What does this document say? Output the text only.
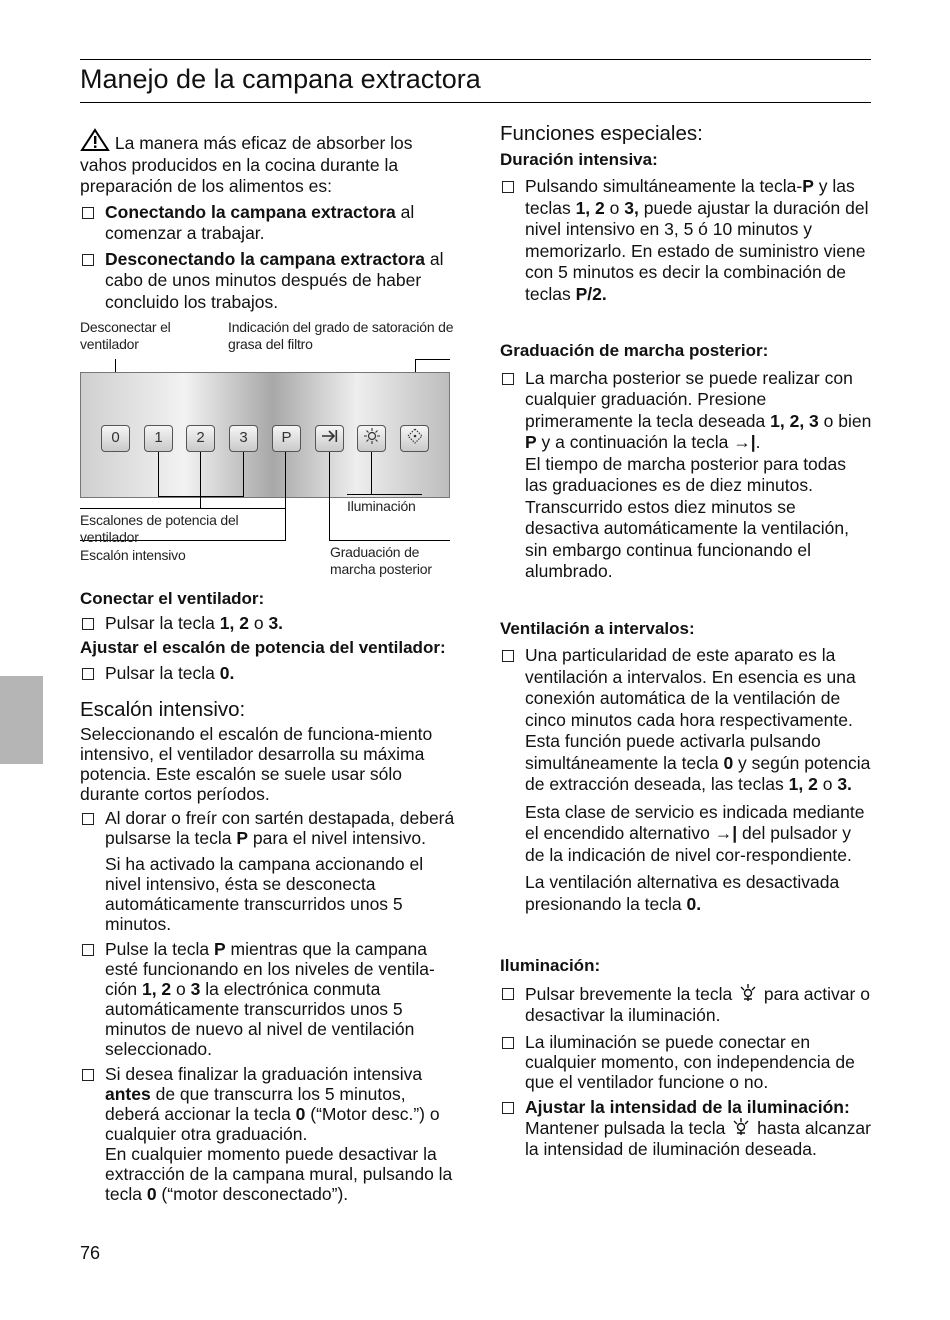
Manejo de la campana extractora

La manera más eficaz de absorber los vahos producidos en la cocina durante la preparación de los alimentos es:

Conectando la campana extractora al comenzar a trabajar.

Desconectando la campana extractora al cabo de unos minutos después de haber concluido los trabajos.

Desconectar el ventilador
Indicación del grado de satoración de grasa del filtro
0	1	2	3	P
Escalones de potencia del ventilador
Iluminación
Escalón intensivo	Graduación de marcha posterior

Conectar el ventilador:

Pulsar la tecla 1, 2 o 3.

Ajustar el escalón de potencia del ventilador:

Pulsar la tecla 0.

Escalón intensivo:

Seleccionando el escalón de funciona-miento intensivo, el ventilador desarrolla su máxima potencia. Este escalón se suele usar sólo durante cortos períodos.

Al dorar o freír con sartén destapada, deberá pulsarse la tecla P para el nivel intensivo.

Si ha activado la campana accionando el nivel intensivo, ésta se desconecta automáticamente transcurridos unos 5 minutos.

Pulse la tecla P mientras que la campana esté funcionando en los niveles de ventila-ción 1, 2 o 3 la electrónica conmuta automáticamente transcurridos unos 5 minutos de nuevo al nivel de ventilación seleccionado.

Si desea finalizar la graduación intensiva antes de que transcurra los 5 minutos, deberá accionar la tecla 0 (“Motor desc.”) o cualquier otra graduación.
En cualquier momento puede desactivar la extracción de la campana mural, pulsando la tecla 0 (“motor desconectado”).

Funciones especiales:

Duración intensiva:

Pulsando simultáneamente la tecla-P y las teclas 1, 2 o 3, puede ajustar la duración del nivel intensivo en 3, 5 ó 10 minutos y memorizarlo. En estado de suministro viene con 5 minutos es decir la combinación de teclas P/2.

Graduación de marcha posterior:

La marcha posterior se puede realizar con cualquier graduación. Presione primeramente la tecla deseada 1, 2, 3 o bien P y a continuación la tecla →|.
El tiempo de marcha posterior para todas las graduaciones es de diez minutos. Transcurrido estos diez minutos se desactiva automáticamente la ventilación, sin embargo continua funcionando el alumbrado.

Ventilación a intervalos:

Una particularidad de este aparato es la ventilación a intervalos. En esencia es una conexión automática de la ventilación de cinco minutos cada hora respectivamente. Esta función puede activarla pulsando simultáneamente la tecla 0 y según potencia de extracción deseada, las teclas 1, 2 o 3.

Esta clase de servicio es indicada mediante el encendido alternativo →| del pulsador y de la indicación de nivel cor-respondiente.

La ventilación alternativa es desactivada presionando la tecla 0.

Iluminación:

Pulsar brevemente la tecla  para activar o desactivar la iluminación.

La iluminación se puede conectar en cualquier momento, con independencia de que el ventilador funcione o no.

Ajustar la intensidad de la iluminación:
Mantener pulsada la tecla  hasta alcanzar la intensidad de iluminación deseada.

76
